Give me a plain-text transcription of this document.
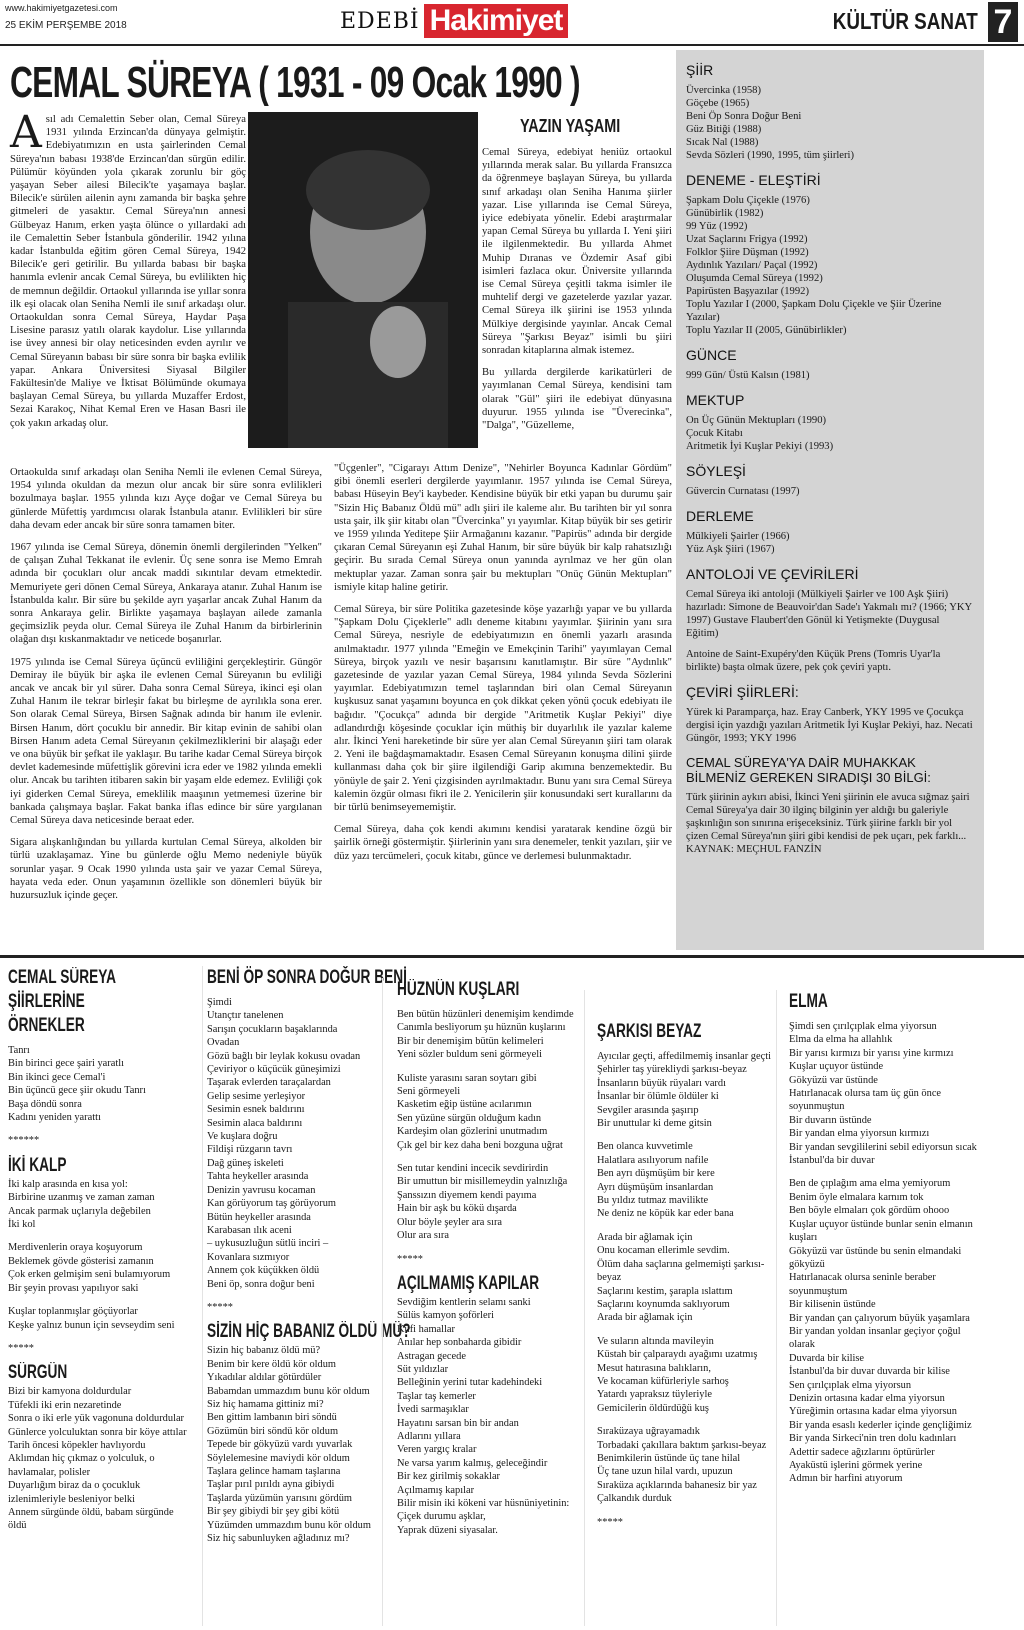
www.hakimiyetgazetesi.com
25 EKİM PERŞEMBE 2018	EDEBİ Hakimiyet	KÜLTÜR SANAT 7
CEMAL SÜREYA ( 1931 - 09 Ocak 1990 )
A sıl adı Cemalettin Seber olan, Cemal Süreya 1931 yılında Erzincan'da dünyaya gelmiştir. Edebiyatımızın en usta şairlerinden Cemal Süreya'nın babası 1938'de Erzincan'dan sürgün edilir. Pülümür köyünden yola çıkarak zorunlu bir göç yaşayan Seber ailesi Bilecik'te yaşamaya başlar. Bilecik'e sürülen ailenin aynı zamanda bir başka şehre gitmeleri de yasaktır. Cemal Süreya'nın annesi Gülbeyaz Hanım, erken yaşta ölünce o yıllardaki adı ile Cemalettin Seber İstanbula gönderilir. 1942 yılına kadar İstanbulda eğitim gören Cemal Süreya, 1942 Bilecik'e geri getirilir. Bu yıllarda babası bir başka hanımla evlenir ancak Cemal Süreya, bu evlilikten hiç de memnun değildir. Ortaokul yıllarında ise yıllar sonra ilk eşi olacak olan Seniha Nemli ile sınıf arkadaşı olur. Ortaokuldan sonra Cemal Süreya, Haydar Paşa Lisesine parasız yatılı olarak kaydolur. Lise yıllarında ise üvey annesi bir olay neticesinden evden ayrılır ve Cemal Süreyanın babası bir süre sonra bir başka evlilik yapar. Ankara Üniversitesi Siyasal Bilgiler Fakültesin'de Maliye ve İktisat Bölümünde okumaya başlayan Cemal Süreya, bu yıllarda Muzaffer Erdost, Sezai Karakoç, Nihat Kemal Eren ve Hasan Basri ile çok yakın arkadaş olur.
YAZIN YAŞAMI

Cemal Süreya, edebiyat heniüz ortaokul yıllarında merak salar. Bu yıllarda Fransızca da öğrenmeye başlayan Süreya, bu yıllarda sınıf arkadaşı olan Seniha Hanıma şiirler yazar. Lise yıllarında ise Cemal Süreya, iyice edebiyata yönelir. Edebi araştırmalar yapan Cemal Süreya bu yıllarda I. Yeni şiiri ile ilgilenmektedir. Bu yıllarda Ahmet Muhip Dıranas ve Özdemir Asaf gibi isimleri fazlaca okur. Üniversite yıllarında ise Cemal Süreya çeşitli takma isimler ile muhtelif dergi ve gazetelerde yazılar yazar. Cemal Süreya ilk şiirini ise 1953 yılında Mülkiye dergisinde yayınlar. Ancak Cemal Süreya "Şarkısı Beyaz" isimli bu şiiri sonradan kitaplarına almak istemez.

Bu yıllarda dergilerde karikatürleri de yayımlanan Cemal Süreya, kendisini tam olarak "Gül" şiiri ile edebiyat dünyasına duyurur. 1955 yılında ise "Üverecinka", "Dalga", "Güzelleme,

Ortaokulda sınıf arkadaşı olan Seniha Nemli ile evlenen Cemal Süreya, 1954 yılında okuldan da mezun olur ancak bir süre sonra evlilikleri bozulmaya başlar. 1955 yılında kızı Ayçe doğar ve Cemal Süreya bu günlerde Müfettiş yardımcısı olarak İstanbula atanır. Evlilikleri bir süre daha devam eder ancak bir süre sonra tamamen biter.

1967 yılında ise Cemal Süreya, dönemin önemli dergilerinden "Yelken" de çalışan Zuhal Tekkanat ile evlenir. Üç sene sonra ise Memo Emrah adında bir çocukları olur ancak maddi sıkıntılar devam etmektedir. Memuriyete geri dönen Cemal Süreya, Ankaraya atanır. Zuhal Hanım ise İstanbulda kalır. Bir süre bu şekilde ayrı yaşarlar ancak Zuhal Hanım da sonra Ankaraya gelir. Birlikte yaşamaya başlayan ailede zamanla geçimsizlik peyda olur. Cemal Süreya ile Zuhal Hanım da birbirlerinin olağan dışı kıskanmaktadır ve neticede boşanırlar.

1975 yılında ise Cemal Süreya üçüncü evliliğini gerçekleştirir. Güngör Demiray ile büyük bir aşka ile evlenen Cemal Süreyanın bu evliliği ancak ve ancak bir yıl sürer. Daha sonra Cemal Süreya, ikinci eşi olan Zuhal Hanım ile tekrar birleşir fakat bu birleşme de ayrılıkla sona erer. Son olarak Cemal Süreya, Birsen Sağnak adında bir hanım ile evlenir. Birsen Hanım, dört çocuklu bir annedir. Bir kitap evinin de sahibi olan Birsen Hanım adeta Cemal Süreyanın çekilmezliklerini bir alaşağı eder ve ona büyük bir şefkat ile yaklaşır. Bu tarihe kadar Cemal Süreya birçok devlet kademesinde müfettişlik görevini icra eder ve 1982 yılında emekli olur. Ancak bu tarihten itibaren sakin bir yaşam elde edemez. Evliliği çok iyi giderken Cemal Süreya, emeklilik maaşının yetmemesi üzerine bir bankada çalışmaya başlar. Fakat banka iflas edince bir süre yargılanan Cemal Süreya dava neticesinde beraat eder.

Sigara alışkanlığından bu yıllarda kurtulan Cemal Süreya, alkolden bir türlü uzaklaşamaz. Yine bu günlerde oğlu Memo nedeniyle büyük sorunlar yaşar. 9 Ocak 1990 yılında usta şair ve yazar Cemal Süreya, hayata veda eder. Onun yaşamının özellikle son dönemleri büyük bir huzursuzluk içinde geçer.

"Üçgenler", "Cigarayı Attım Denize", "Nehirler Boyunca Kadınlar Gördüm" gibi önemli eserleri dergilerde yayımlanır. 1957 yılında ise Cemal Süreya, babası Hüseyin Bey'i kaybeder. Kendisine büyük bir etki yapan bu durumu şair "Sizin Hiç Babanız Öldü mü" adlı şiiri ile kaleme alır. Bu tarihten bir yıl sonra usta şair, ilk şiir kitabı olan "Üvercinka" yı yayımlar. Kitap büyük bir ses getirir ve 1959 yılında Yeditepe Şiir Armağanını kazanır. "Papirüs" adında bir dergide çıkaran Cemal Süreyanın eşi Zuhal Hanım, bir süre büyük bir kalp rahatsızlığı geçirir. Bu sırada Cemal Süreya onun yanında ayrılmaz ve her gün olan mektuplar yazar. Zaman sonra şair bu mektupları "Onüç Günün Mektupları" ismiyle kitap haline getirir.

Cemal Süreya, bir süre Politika gazetesinde köşe yazarlığı yapar ve bu yıllarda "Şapkam Dolu Çiçeklerle" adlı deneme kitabını yayımlar. Şiirinin yanı sıra Cemal Süreya, nesriyle de edebiyatımızın en önemli yazarlı arasında anılmaktadır. 1977 yılında "Emeğin ve Emekçinin Tarihi" yayımlayan Cemal Süreya, birçok yazılı ve nesir başarısını kanıtlamıştır. Bir süre "Aydınlık" gazetesinde de yazılar yazan Cemal Süreya, 1984 yılında Sevda Sözlerini yayımlar. Edebiyatımızın temel taşlarından biri olan Cemal Süreyanın kuşkusuz sanat yaşamını boyunca en çok dikkat çeken yönü çocuk edebiyatı ile bağıdır. "Çocukça" adında bir dergide "Aritmetik Kuşlar Pekiyi" diye adlandırdığı köşesinde çocuklar için müthiş bir duyarlılık ile yazılar kaleme alır. İkinci Yeni hareketinde bir süre yer alan Cemal Süreyanın şiiri tam olarak 2. Yeni ile bağdaşmamaktadır. Esasen Cemal Süreyanın konuşma dilini şiirde kullanması daha çok bir şiire ilgilendiği Garip akımına benzemektedir. Bu yönüyle de şair 2. Yeni çizgisinden ayrılmaktadır. Bunu yanı sıra Cemal Süreya kalemin özgür olması fikri ile 2. Yenicilerin şiir konusundaki sert kurallarını da bir türlü benimseyememiştir.

Cemal Süreya, daha çok kendi akımını kendisi yaratarak kendine özgü bir şairlik örneği göstermiştir. Şiirlerinin yanı sıra denemeler, tenkit yazıları, şiir ve düz yazı tercümeleri, çocuk kitabı, günce ve derlemesi bulunmaktadır.

ŞİİR
Üvercinka (1958)
Göçebe (1965)
Beni Öp Sonra Doğur Beni
Güz Bitiği (1988)
Sıcak Nal (1988)
Sevda Sözleri (1990, 1995, tüm şiirleri)
DENEME - ELEŞTİRİ
Şapkam Dolu Çiçekle (1976)
Günübirlik (1982)
99 Yüz (1992)
Uzat Saçlarını Frigya (1992)
Folklor Şiire Düşman (1992)
Aydınlık Yazıları/ Paçal (1992)
Oluşumda Cemal Süreya (1992)
Papirüsten Başyazılar (1992)
Toplu Yazılar I (2000, Şapkam Dolu Çiçekle ve Şiir Üzerine Yazılar)
Toplu Yazılar II (2005, Günübirlikler)
GÜNCE
999 Gün/ Üstü Kalsın (1981)
MEKTUP
On Üç Günün Mektupları (1990)
Çocuk Kitabı
Aritmetik İyi Kuşlar Pekiyi (1993)
SÖYLEŞİ
Güvercin Curnatası (1997)
DERLEME
Mülkiyeli Şairler (1966)
Yüz Aşk Şiiri (1967)
ANTOLOJİ VE ÇEVİRİLERİ
Cemal Süreya iki antoloji (Mülkiyeli Şairler ve 100 Aşk Şiiri) hazırladı: Simone de Beauvoir'dan Sade'ı Yakmalı mı? (1966; YKY 1997) Gustave Flaubert'den Gönül ki Yetişmekte (Duygusal Eğitim)
Antoine de Saint-Exupéry'den Küçük Prens (Tomris Uyar'la birlikte) başta olmak üzere, pek çok çeviri yaptı.
ÇEVİRİ ŞİİRLERİ:
Yürek ki Paramparça, haz. Eray Canberk, YKY 1995 ve Çocukça dergisi için yazdığı yazıları Aritmetik İyi Kuşlar Pekiyi, haz. Necati Güngör, 1993; YKY 1996
CEMAL SÜREYA'YA DAİR MUHAKKAK BİLMENİZ GEREKEN SIRADIŞI 30 BİLGİ:
Türk şiirinin aykırı abisi, İkinci Yeni şiirinin ele avuca sığmaz şairi Cemal Süreya'ya dair 30 ilginç bilginin yer aldığı bu galeriyle şaşkınlığın son sınırına erişeceksiniz. Türk şiirine farklı bir yol çizen Cemal Süreya'nın şiiri gibi kendisi de pek uçarı, pek farklı...
KAYNAK: MEÇHUL FANZİN
CEMAL SÜREYA ŞİİRLERİNE
ÖRNEKLER
Tanrı
Bin birinci gece şairi yaratlı
Bin ikinci gece Cemal'i
Bin üçüncü gece şiir okudu Tanrı
Başa döndü sonra
Kadını yeniden yarattı
******
İKİ KALP
İki kalp arasında en kısa yol:
Birbirine uzanmış ve zaman zaman
Ancak parmak uçlarıyla değebilen
İki kol
Merdivenlerin oraya koşuyorum
Beklemek gövde gösterisi zamanın
Çok erken gelmişim seni bulamıyorum
Bir şeyin provası yapılıyor saki
Kuşlar toplanmışlar göçüyorlar
Keşke yalnız bunun için sevseydim seni
*****
SÜRGÜN
Bizi bir kamyona doldurdular
Tüfekli iki erin nezaretinde
Sonra o iki erle yük vagonuna doldurdular
Günlerce yolculuktan sonra bir köye attılar
Tarih öncesi köpekler havlıyordu
Aklımdan hiç çıkmaz o yolculuk, o
havlamalar, polisler
Duyarlığım biraz da o çocukluk
izlenimleriyle besleniyor belki
Annem sürgünde öldü, babam sürgünde
öldü
BENİ ÖP SONRA DOĞUR BENİ
Şimdi
Utançtır tanelenen
Sarışın çocukların başaklarında
Ovadan
Gözü bağlı bir leylak kokusu ovadan
Çeviriyor o küçücük güneşimizi
Taşarak evlerden taraçalardan
Gelip sesime yerleşiyor
Sesimin esnek baldırını
Sesimin alaca baldırını
Ve kuşlara doğru
Fildişi rüzgarın tavrı
Dağ güneş iskeleti
Tahta heykeller arasında
Denizin yavrusu kocaman
Kan görüyorum taş görüyorum
Bütün heykeller arasında
Karabasan ılık aceni
– uykusuzluğun sütlü inciri –
Kovanlara sızmıyor
Annem çok küçükken öldü
Beni öp, sonra doğur beni
*****
SİZİN HİÇ BABANIZ ÖLDÜ MÜ?
Sizin hiç babanız öldü mü?
Benim bir kere öldü kör oldum
Yıkadılar aldılar götürdüler
Babamdan ummazdım bunu kör oldum
Siz hiç hamama gittiniz mi?
Ben gittim lambanın biri söndü
Gözümün biri söndü kör oldum
Tepede bir gökyüzü vardı yuvarlak
Söylelemesine maviydi kör oldum
Taşlara gelince hamam taşlarına
Taşlar pırıl pırıldı ayna gibiydi
Taşlarda yüzümün yarısını gördüm
Bir şey gibiydi bir şey gibi kötü
Yüzümden ummazdım bunu kör oldum
Siz hiç sabunluyken ağladınız mı?
HÜZNÜN KUŞLARI
Ben bütün hüzünleri denemişim kendimde
Canımla besliyorum şu hüznün kuşlarını
Bir bir denemişim bütün kelimeleri
Yeni sözler buldum seni görmeyeli
Kuliste yarasını saran soytarı gibi
Seni görmeyeli
Kasketim eğip üstüne acılarımın
Sen yüzüne sürgün olduğum kadın
Kardeşim olan gözlerini unutmadım
Çık gel bir kez daha beni bozguna uğrat
Sen tutar kendini incecik sevdirirdin
Bir umuttun bir misillemeydin yalnızlığa
Şanssızın diyemem kendi payıma
Hain bir aşk bu kökü dışarda
Olur böyle şeyler ara sıra
Olur ara sıra
*****
AÇILMAMIŞ KAPILAR
Sevdiğim kentlerin selamı sanki
Sülüs kamyon şoförleri
Küfi hamallar
Anılar hep sonbaharda gibidir
Astragan gecede
Süt yıldızlar
Belleğinin yerini tutar kadehindeki
Taşlar taş kemerler
İvedi sarmaşıklar
Hayatını sarsan bin bir andan
Adlarını yıllara
Veren yargıç kralar
Ne varsa yarım kalmış, geleceğindir
Bir kez girilmiş sokaklar
Açılmamış kapılar
Bilir misin iki kökeni var hüsnüniyetinin:
Çiçek durumu aşklar,
Yaprak düzeni siyasalar.
ŞARKISI BEYAZ
Ayıcılar geçti, affedilmemiş insanlar geçti
Şehirler taş yürekliydi şarkısı-beyaz
İnsanların büyük rüyaları vardı
İnsanlar bir ölümle öldüler ki
Sevgiler arasında şaşırıp
Bir unuttular ki deme gitsin
Ben olanca kuvvetimle
Halatlara asılıyorum nafile
Ben ayrı düşmüşüm bir kere
Ayrı düşmüşüm insanlardan
Bu yıldız tutmaz mavilikte
Ne deniz ne köpük kar eder bana
Arada bir ağlamak için
Onu kocaman ellerimle sevdim.
Ölüm daha saçlarına gelmemişti şarkısı-beyaz
Saçlarını kestim, şarapla ıslattım
Saçlarını koynumda saklıyorum
Arada bir ağlamak için
Ve suların altında mavileyin
Küstah bir çalparaydı ayağımı uzatmış
Mesut hatırasına balıkların,
Ve kocaman küfürleriyle sarhoş
Yatardı yapraksız tüyleriyle
Gemicilerin öldürdüğü kuş
Sıraküzaya uğrayamadık
Torbadaki çakıllara baktım şarkısı-beyaz
Benimkilerin üstünde üç tane hilal
Üç tane uzun hilal vardı, upuzun
Sıraküza açıklarında bahanesiz bir yaz
Çalkandık durduk
*****
ELMA
Şimdi sen çırılçıplak elma yiyorsun
Elma da elma ha allahlık
Bir yarısı kırmızı bir yarısı yine kırmızı
Kuşlar uçuyor üstünde
Gökyüzü var üstünde
Hatırlanacak olursa tam üç gün önce soyunmuştun
Bir duvarın üstünde
Bir yandan elma yiyorsun kırmızı
Bir yandan sevgililerini sebil ediyorsun sıcak
İstanbul'da bir duvar
Ben de çıplağım ama elma yemiyorum
Benim öyle elmalara karnım tok
Ben böyle elmaları çok gördüm ohooo
Kuşlar uçuyor üstünde bunlar senin elmanın kuşları
Gökyüzü var üstünde bu senin elmandaki gökyüzü
Hatırlanacak olursa seninle beraber soyunmuştum
Bir kilisenin üstünde
Bir yandan çan çalıyorum büyük yaşamlara
Bir yandan yoldan insanlar geçiyor çoğul olarak
Duvarda bir kilise
İstanbul'da bir duvar duvarda bir kilise
Sen çırılçıplak elma yiyorsun
Denizin ortasına kadar elma yiyorsun
Yüreğimin ortasına kadar elma yiyorsun
Bir yanda esaslı kederler içinde gençliğimiz
Bir yanda Sirkeci'nin tren dolu kadınları
Adettir sadece ağızlarını öptürürler
Ayaküstü işlerini görmek yerine
Admın bir harfini atıyorum
